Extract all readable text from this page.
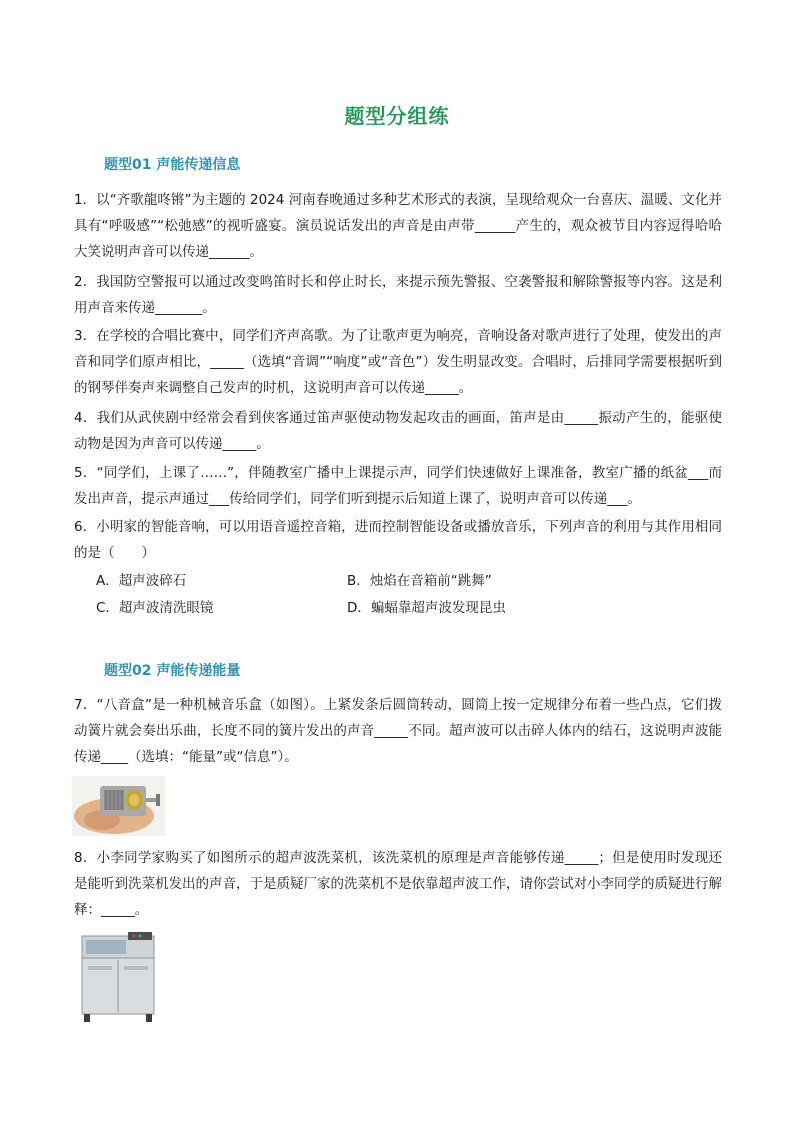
题型分组练
题型01 声能传递信息

1．以“齐歌龍咚锵”为主题的 2024 河南春晚通过多种艺术形式的表演，呈现给观众一台喜庆、温暖、文化并具有“呼吸感”“松弛感”的视听盛宴。演员说话发出的声音是由声带______产生的，观众被节目内容逗得哈哈大笑说明声音可以传递______。

2．我国防空警报可以通过改变鸣笛时长和停止时长，来提示预先警报、空袭警报和解除警报等内容。这是利用声音来传递_______。

3．在学校的合唱比赛中，同学们齐声高歌。为了让歌声更为响亮，音响设备对歌声进行了处理，使发出的声音和同学们原声相比，_____（选填“音调”“响度”或“音色”）发生明显改变。合唱时，后排同学需要根据听到的钢琴伴奏声来调整自己发声的时机，这说明声音可以传递_____。

4．我们从武侠剧中经常会看到侠客通过笛声驱使动物发起攻击的画面，笛声是由_____振动产生的，能驱使动物是因为声音可以传递_____。

5．“同学们，上课了……”，伴随教室广播中上课提示声，同学们快速做好上课准备，教室广播的纸盆___而发出声音，提示声通过___传给同学们，同学们听到提示后知道上课了，说明声音可以传递___。

6．小明家的智能音响，可以用语音遥控音箱，进而控制智能设备或播放音乐，下列声音的利用与其作用相同的是（　　）

A．超声波碎石	B．烛焰在音箱前“跳舞”
C．超声波清洗眼镜	D．蝙蝠靠超声波发现昆虫
题型02 声能传递能量

7．“八音盒”是一种机械音乐盒（如图）。上紧发条后圆筒转动，圆筒上按一定规律分布着一些凸点，它们拨动簧片就会奏出乐曲，长度不同的簧片发出的声音_____不同。超声波可以击碎人体内的结石，这说明声波能传递____（选填：“能量”或“信息”）。

8．小李同学家购买了如图所示的超声波洗菜机，该洗菜机的原理是声音能够传递_____；但是使用时发现还是能听到洗菜机发出的声音，于是质疑厂家的洗菜机不是依靠超声波工作，请你尝试对小李同学的质疑进行解释：_____。
